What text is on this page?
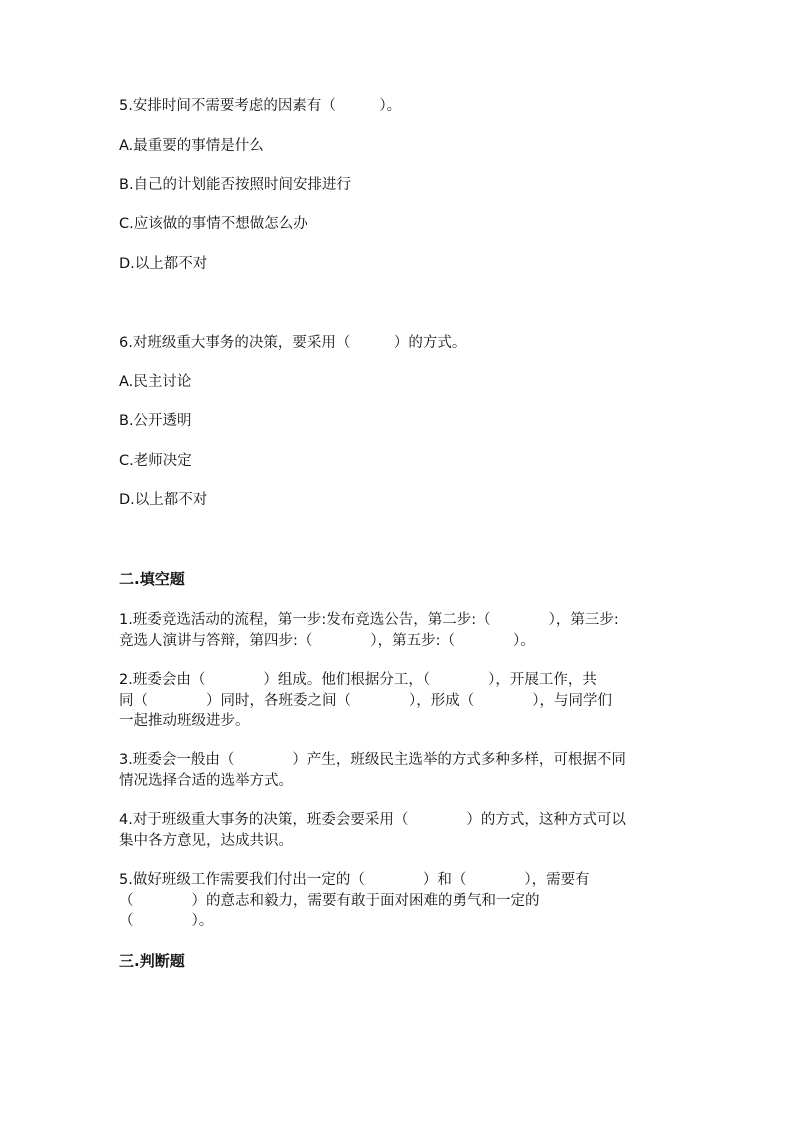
5.安排时间不需要考虑的因素有（　　　）。
A.最重要的事情是什么
B.自己的计划能否按照时间安排进行
C.应该做的事情不想做怎么办
D.以上都不对
6.对班级重大事务的决策，要采用（　　　）的方式。
A.民主讨论
B.公开透明
C.老师决定
D.以上都不对
二.填空题
1.班委竞选活动的流程，第一步:发布竞选公告，第二步:（　　　　），第三步:
竞选人演讲与答辩，第四步:（　　　　），第五步:（　　　　）。
2.班委会由（　　　　）组成。他们根据分工，（　　　　），开展工作，共
同（　　　　）同时，各班委之间（　　　　），形成（　　　　），与同学们
一起推动班级进步。
3.班委会一般由（　　　　）产生，班级民主选举的方式多种多样，可根据不同
情况选择合适的选举方式。
4.对于班级重大事务的决策，班委会要采用（　　　　）的方式，这种方式可以
集中各方意见，达成共识。
5.做好班级工作需要我们付出一定的（　　　　）和（　　　　），需要有
（　　　　）的意志和毅力，需要有敢于面对困难的勇气和一定的
（　　　　）。
三.判断题
